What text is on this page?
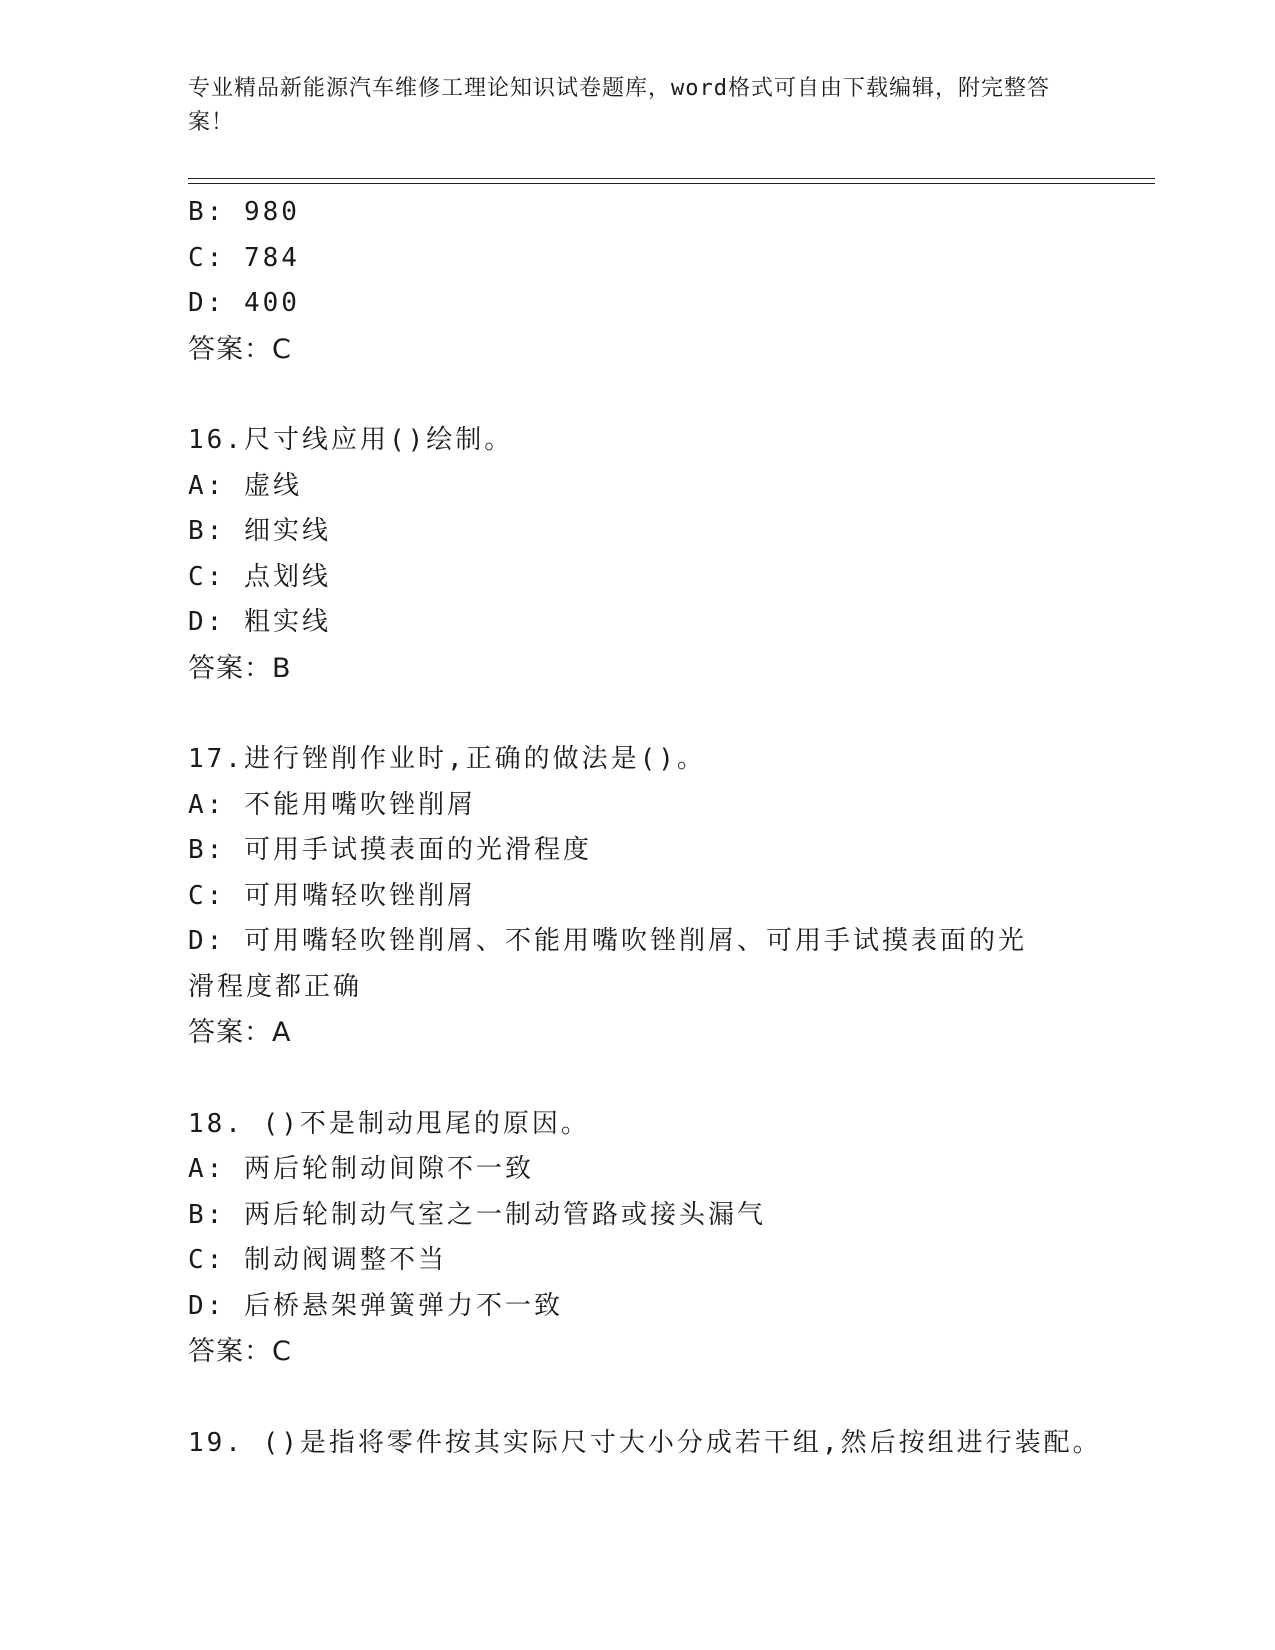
专业精品新能源汽车维修工理论知识试卷题库，word格式可自由下载编辑，附完整答案！
B: 980
C: 784
D: 400
答案：C
16.尺寸线应用()绘制。
A: 虚线
B: 细实线
C: 点划线
D: 粗实线
答案：B
17.进行锉削作业时,正确的做法是()。
A: 不能用嘴吹锉削屑
B: 可用手试摸表面的光滑程度
C: 可用嘴轻吹锉削屑
D: 可用嘴轻吹锉削屑、不能用嘴吹锉削屑、可用手试摸表面的光滑程度都正确
答案：A
18. ()不是制动甩尾的原因。
A: 两后轮制动间隙不一致
B: 两后轮制动气室之一制动管路或接头漏气
C: 制动阀调整不当
D: 后桥悬架弹簧弹力不一致
答案：C
19. ()是指将零件按其实际尺寸大小分成若干组,然后按组进行装配。
